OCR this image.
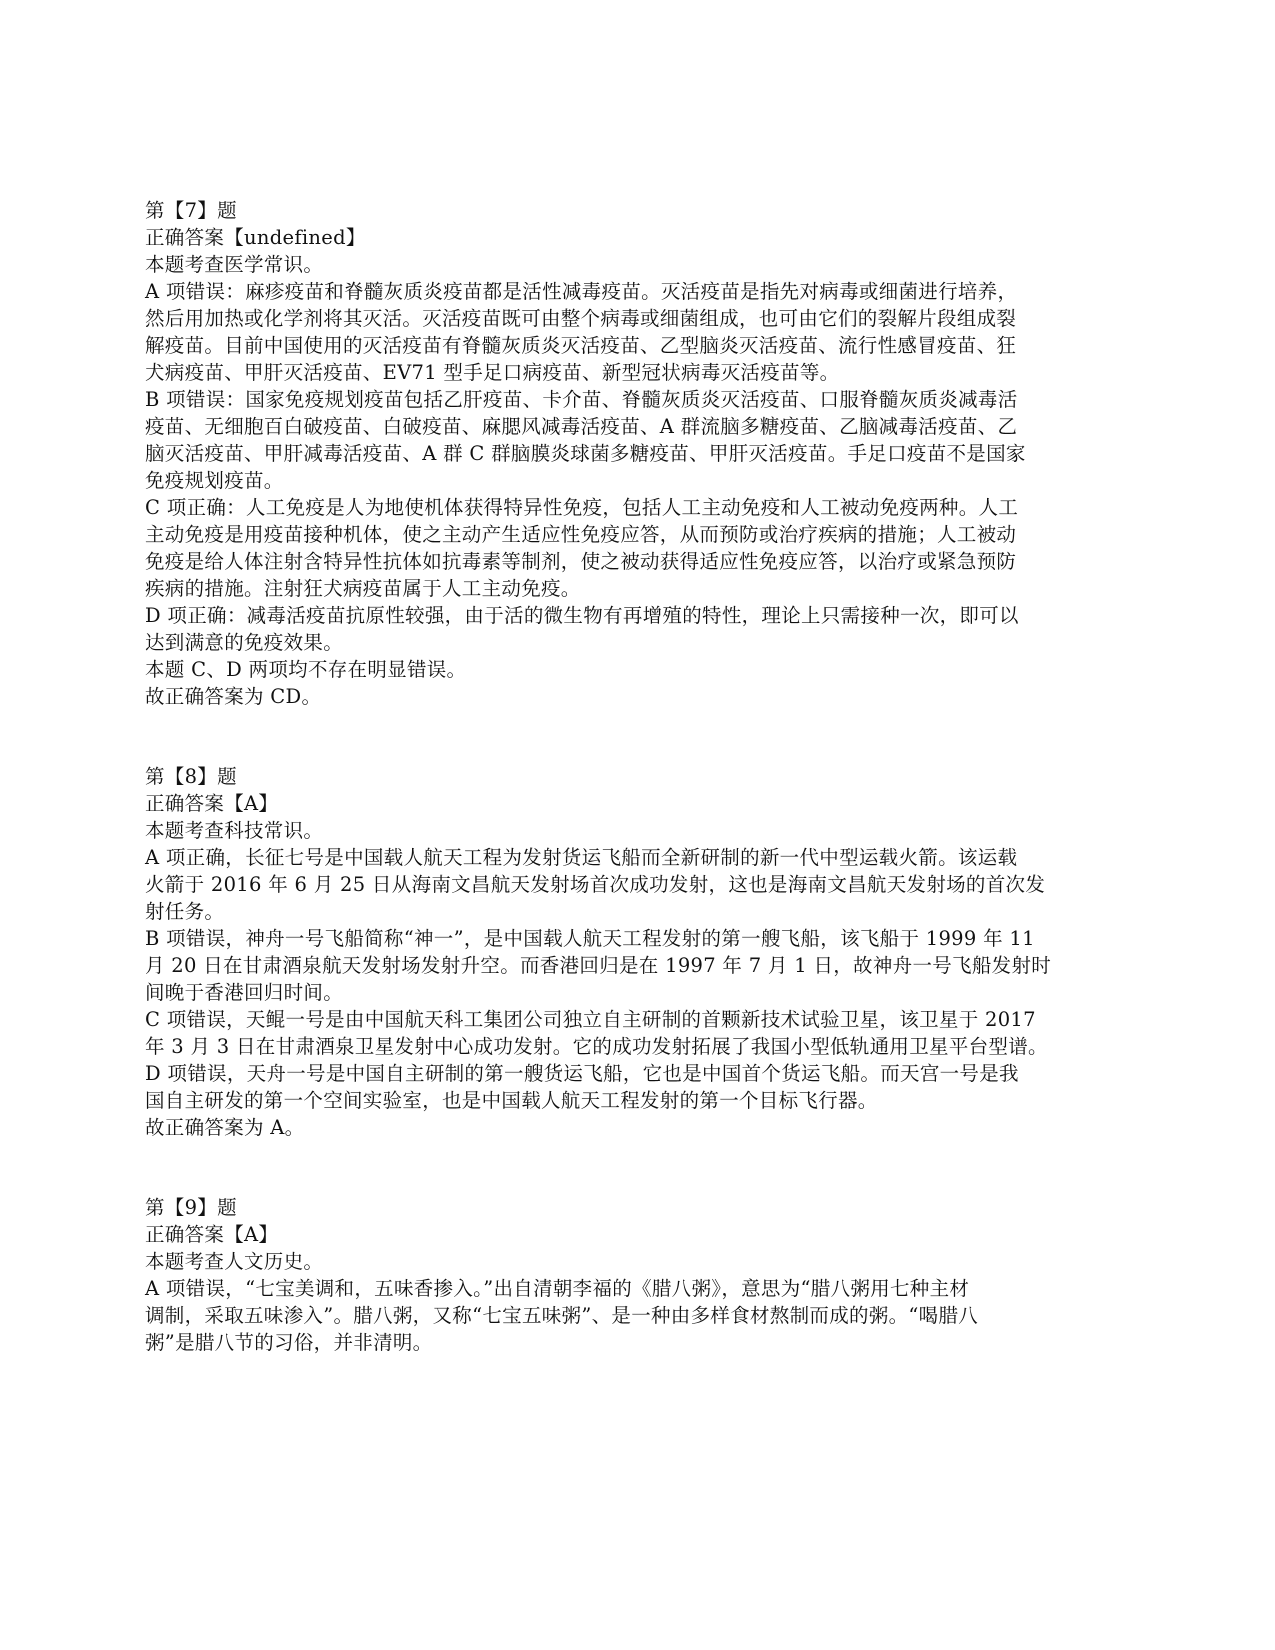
第【7】题
正确答案【undefined】
本题考查医学常识。
A 项错误：麻疹疫苗和脊髓灰质炎疫苗都是活性减毒疫苗。灭活疫苗是指先对病毒或细菌进行培养，
然后用加热或化学剂将其灭活。灭活疫苗既可由整个病毒或细菌组成，也可由它们的裂解片段组成裂
解疫苗。目前中国使用的灭活疫苗有脊髓灰质炎灭活疫苗、乙型脑炎灭活疫苗、流行性感冒疫苗、狂
犬病疫苗、甲肝灭活疫苗、EV71 型手足口病疫苗、新型冠状病毒灭活疫苗等。
B 项错误：国家免疫规划疫苗包括乙肝疫苗、卡介苗、脊髓灰质炎灭活疫苗、口服脊髓灰质炎减毒活
疫苗、无细胞百白破疫苗、白破疫苗、麻腮风减毒活疫苗、A 群流脑多糖疫苗、乙脑减毒活疫苗、乙
脑灭活疫苗、甲肝减毒活疫苗、A 群 C 群脑膜炎球菌多糖疫苗、甲肝灭活疫苗。手足口疫苗不是国家
免疫规划疫苗。
C 项正确：人工免疫是人为地使机体获得特异性免疫，包括人工主动免疫和人工被动免疫两种。人工
主动免疫是用疫苗接种机体，使之主动产生适应性免疫应答，从而预防或治疗疾病的措施；人工被动
免疫是给人体注射含特异性抗体如抗毒素等制剂，使之被动获得适应性免疫应答，以治疗或紧急预防
疾病的措施。注射狂犬病疫苗属于人工主动免疫。
D 项正确：减毒活疫苗抗原性较强，由于活的微生物有再增殖的特性，理论上只需接种一次，即可以
达到满意的免疫效果。
本题 C、D 两项均不存在明显错误。
故正确答案为 CD。
第【8】题
正确答案【A】
本题考查科技常识。
A 项正确，长征七号是中国载人航天工程为发射货运飞船而全新研制的新一代中型运载火箭。该运载
火箭于 2016 年 6 月 25 日从海南文昌航天发射场首次成功发射，这也是海南文昌航天发射场的首次发
射任务。
B 项错误，神舟一号飞船简称“神一”，是中国载人航天工程发射的第一艘飞船，该飞船于 1999 年 11
月 20 日在甘肃酒泉航天发射场发射升空。而香港回归是在 1997 年 7 月 1 日，故神舟一号飞船发射时
间晚于香港回归时间。
C 项错误，天鲲一号是由中国航天科工集团公司独立自主研制的首颗新技术试验卫星，该卫星于 2017
年 3 月 3 日在甘肃酒泉卫星发射中心成功发射。它的成功发射拓展了我国小型低轨通用卫星平台型谱。
D 项错误，天舟一号是中国自主研制的第一艘货运飞船，它也是中国首个货运飞船。而天宫一号是我
国自主研发的第一个空间实验室，也是中国载人航天工程发射的第一个目标飞行器。
故正确答案为 A。
第【9】题
正确答案【A】
本题考查人文历史。
A 项错误，“七宝美调和，五味香掺入。”出自清朝李福的《腊八粥》，意思为“腊八粥用七种主材
调制，采取五味渗入”。腊八粥，又称“七宝五味粥”、是一种由多样食材熬制而成的粥。“喝腊八
粥”是腊八节的习俗，并非清明。
